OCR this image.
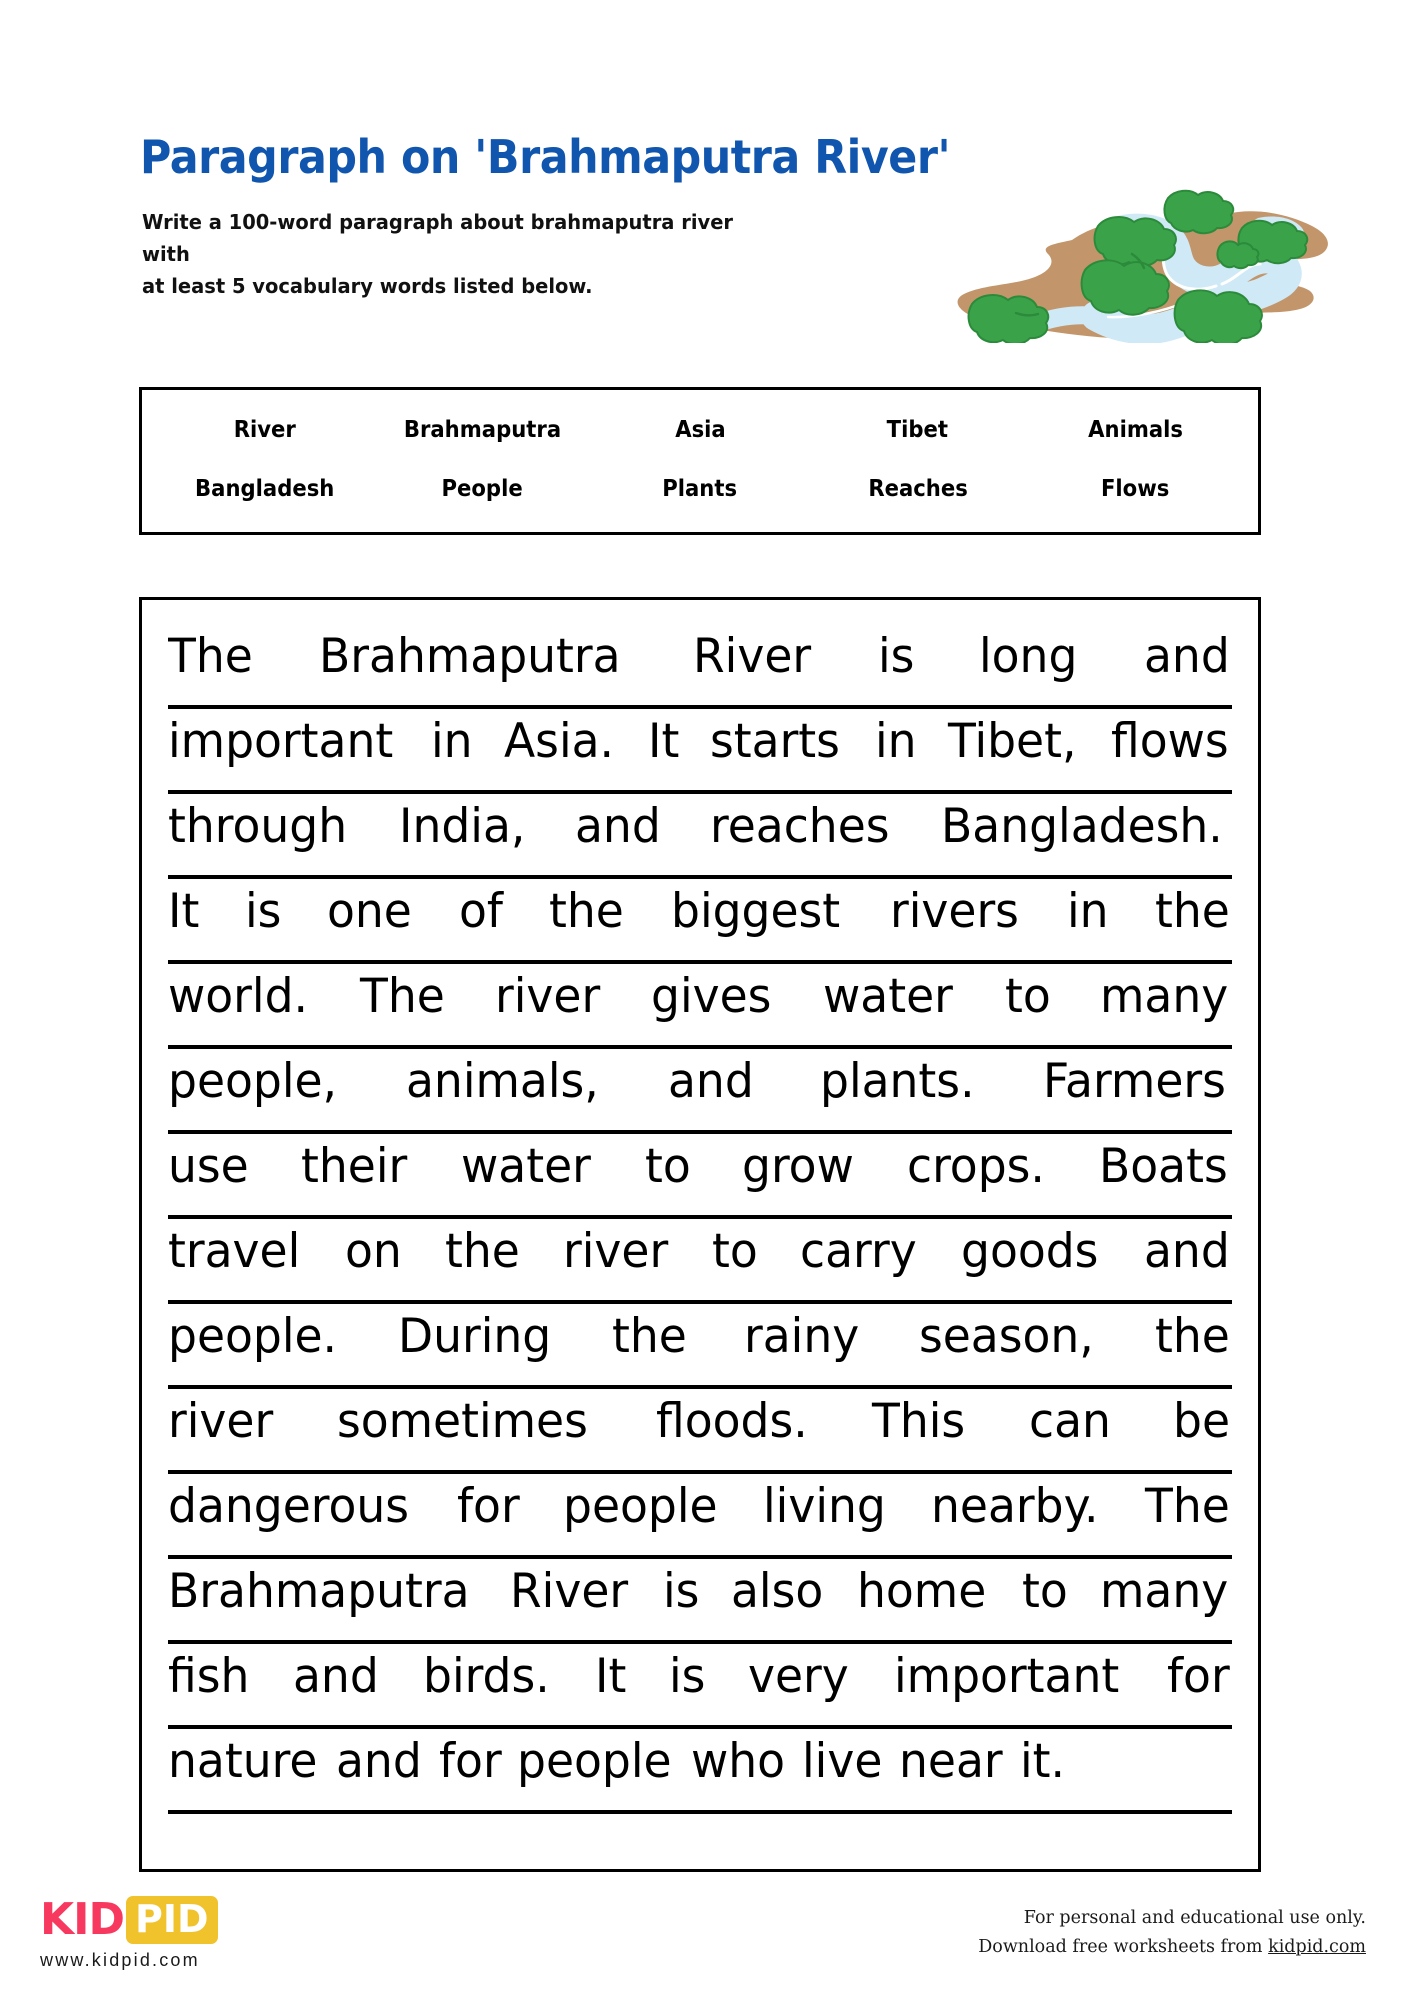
Paragraph on 'Brahmaputra River'
Write a 100-word paragraph about brahmaputra river with
at least 5 vocabulary words listed below.
River	Brahmaputra	Asia	Tibet	Animals
Bangladesh	People	Plants	Reaches	Flows
The Brahmaputra River is long and
important in Asia. It starts in Tibet, flows
through India, and reaches Bangladesh.
It is one of the biggest rivers in the
world. The river gives water to many
people, animals, and plants. Farmers
use their water to grow crops. Boats
travel on the river to carry goods and
people. During the rainy season, the
river sometimes floods. This can be
dangerous for people living nearby. The
Brahmaputra River is also home to many
fish and birds. It is very important for
nature and for people who live near it.
KID PID
www.kidpid.com
For personal and educational use only.
Download free worksheets from kidpid.com
